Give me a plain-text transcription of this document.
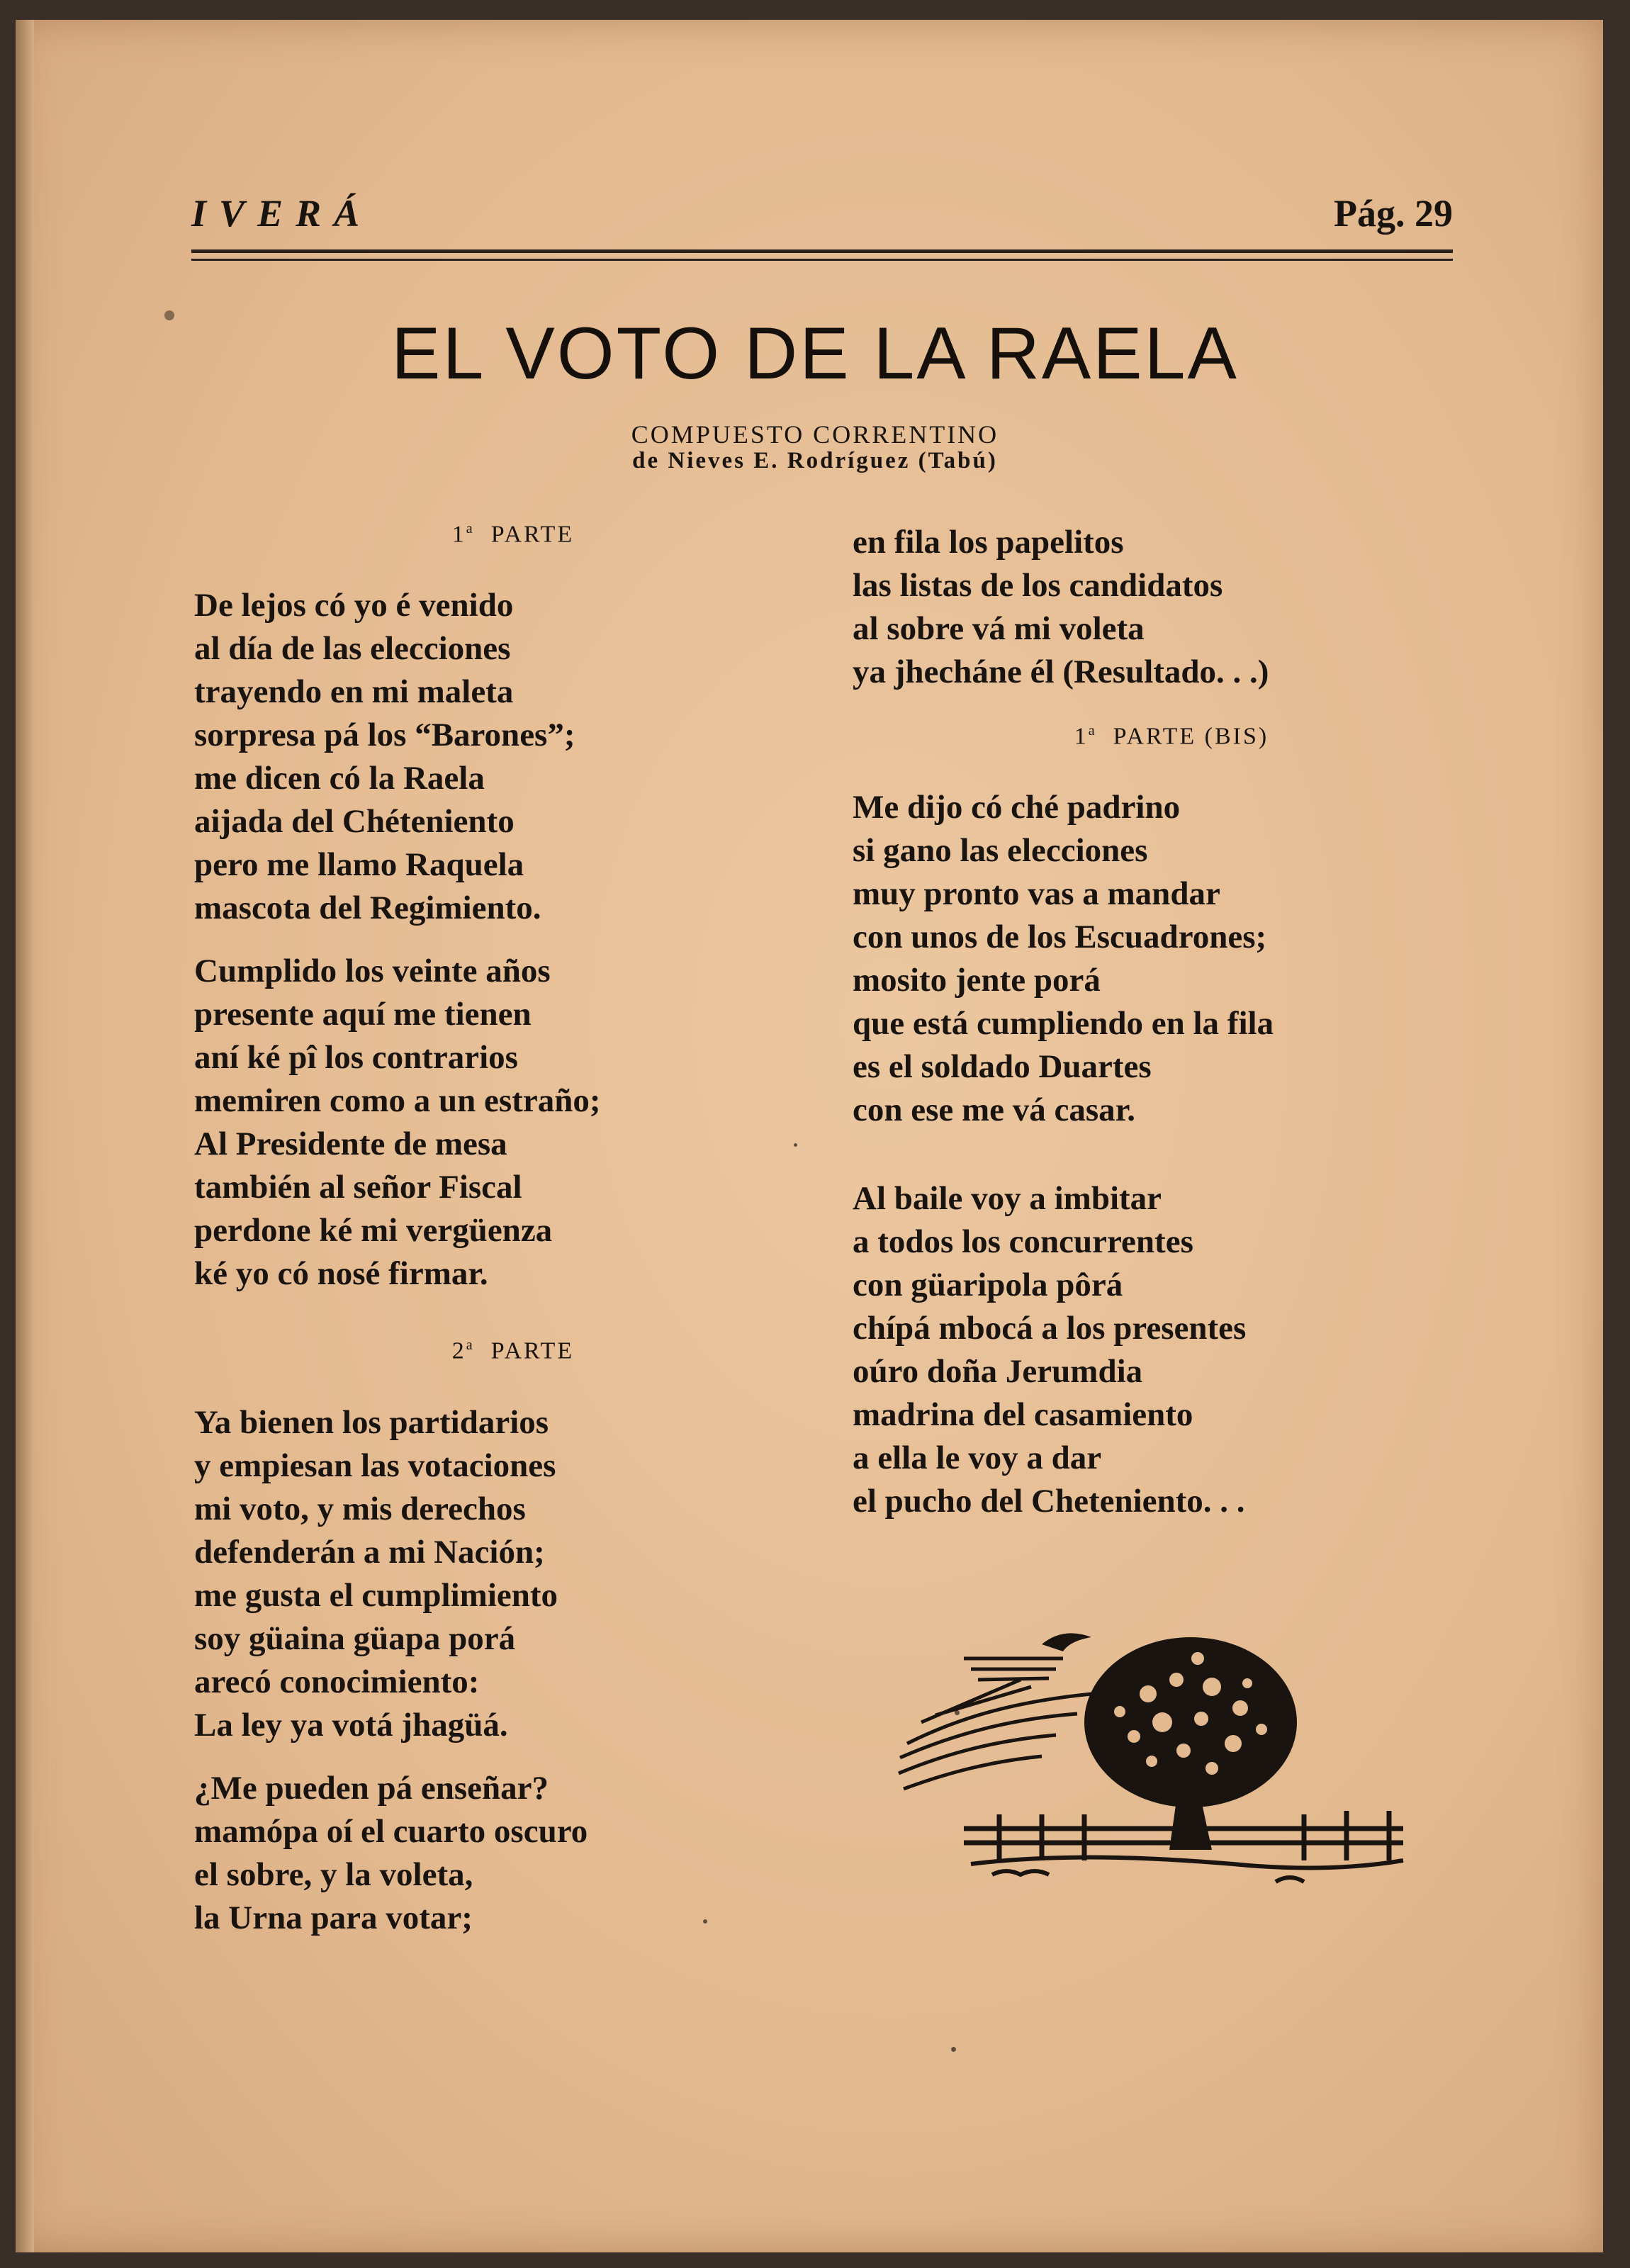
IVERÁ	Pág. 29
EL VOTO DE LA RAELA
COMPUESTO CORRENTINO
de Nieves E. Rodríguez (Tabú)
1$^a$ PARTE
De lejos có yo é venido
al día de las elecciones
trayendo en mi maleta
sorpresa pá los “Barones”;
me dicen có la Raela
aijada del Chéteniento
pero me llamo Raquela
mascota del Regimiento.
Cumplido los veinte años
presente aquí me tienen
aní ké pî los contrarios
memiren como a un estraño;
Al Presidente de mesa
también al señor Fiscal
perdone ké mi vergüenza
ké yo có nosé firmar.
2$^a$ PARTE
Ya bienen los partidarios
y empiesan las votaciones
mi voto, y mis derechos
defenderán a mi Nación;
me gusta el cumplimiento
soy güaina güapa porá
arecó conocimiento:
La ley ya votá jhagüá.
¿Me pueden pá enseñar?
mamópa oí el cuarto oscuro
el sobre, y la voleta,
la Urna para votar;
en fila los papelitos
las listas de los candidatos
al sobre vá mi voleta
ya jhecháne él (Resultado. . .)
1$^a$ PARTE (BIS)
Me dijo có ché padrino
si gano las elecciones
muy pronto vas a mandar
con unos de los Escuadrones;
mosito jente porá
que está cumpliendo en la fila
es el soldado Duartes
con ese me vá casar.
Al baile voy a imbitar
a todos los concurrentes
con güaripola pôrá
chípá mbocá a los presentes
oúro doña Jerumdia
madrina del casamiento
a ella le voy a dar
el pucho del Cheteniento. . .
